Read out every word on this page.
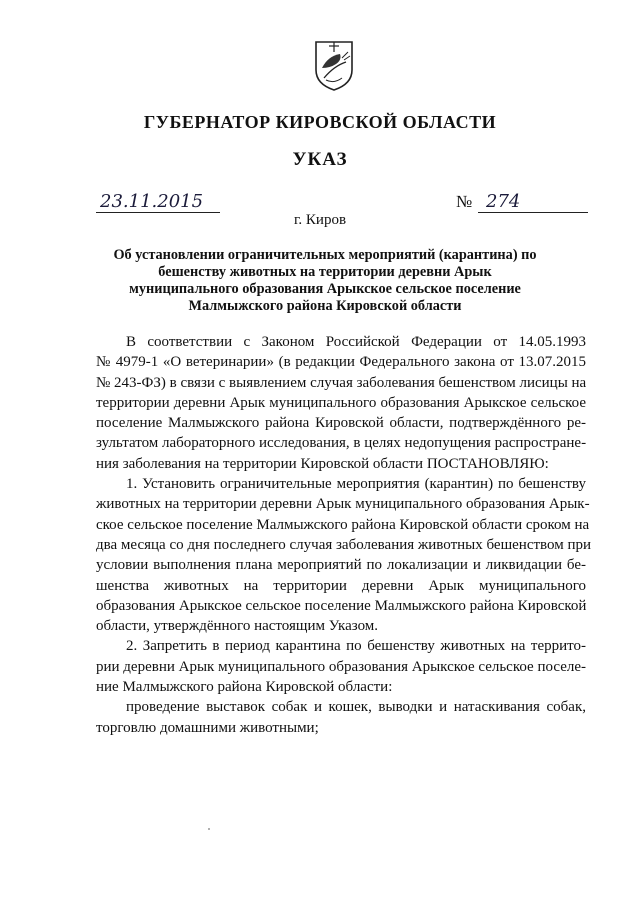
ГУБЕРНАТОР КИРОВСКОЙ ОБЛАСТИ
УКАЗ
23.11.2015	№ 274
г. Киров
Об установлении ограничительных мероприятий (карантина) по
бешенству животных на территории деревни Арык
муниципального образования Арыкское сельское поселение
Малмыжского района Кировской области
В соответствии с Законом Российской Федерации от 14.05.1993
№ 4979-1 «О ветеринарии» (в редакции Федерального закона от 13.07.2015
№ 243-ФЗ) в связи с выявлением случая заболевания бешенством лисицы на
территории деревни Арык муниципального образования Арыкское сельское
поселение Малмыжского района Кировской области, подтверждённого ре-
зультатом лабораторного исследования, в целях недопущения распростране-
ния заболевания на территории Кировской области ПОСТАНОВЛЯЮ:
1. Установить ограничительные мероприятия (карантин) по бешенству
животных на территории деревни Арык муниципального образования Арык-
ское сельское поселение Малмыжского района Кировской области сроком на
два месяца со дня последнего случая заболевания животных бешенством при
условии выполнения плана мероприятий по локализации и ликвидации бе-
шенства животных на территории деревни Арык муниципального
образования Арыкское сельское поселение Малмыжского района Кировской
области, утверждённого настоящим Указом.
2. Запретить в период карантина по бешенству животных на террито-
рии деревни Арык муниципального образования Арыкское сельское поселе-
ние Малмыжского района Кировской области:
проведение выставок собак и кошек, выводки и натаскивания собак,
торговлю домашними животными;
